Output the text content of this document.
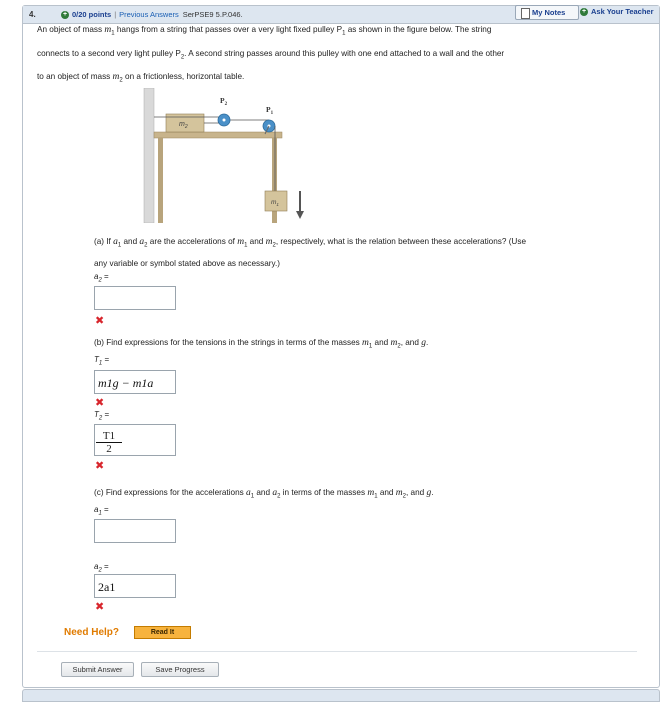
4.	+ 0/20 points | Previous Answers SerPSE9 5.P.046.	My Notes + Ask Your Teacher
An object of mass $m_1$ hangs from a string that passes over a very light fixed pulley $P_1$ as shown in the figure below. The string
connects to a second very light pulley $P_2$. A second string passes around this pulley with one end attached to a wall and the other
to an object of mass $m_2$ on a frictionless, horizontal table.
$m_2$
$P_2$
$P_1$
$m_1$
(a) If $a_1$ and $a_2$ are the accelerations of $m_1$ and $m_2$, respectively, what is the relation between these accelerations? (Use
any variable or symbol stated above as necessary.)
$a_2$ =
✖
(b) Find expressions for the tensions in the strings in terms of the masses $m_1$ and $m_2$, and g.
$T_1$ =
m1g − m1a
✖
$T_2$ =
$\frac{T1}{2}$
✖
(c) Find expressions for the accelerations $a_1$ and $a_2$ in terms of the masses $m_1$ and $m_2$, and g.
$a_1$ =
$a_2$ =
2a1
✖
Need Help?	Read It
Submit Answer	Save Progress
